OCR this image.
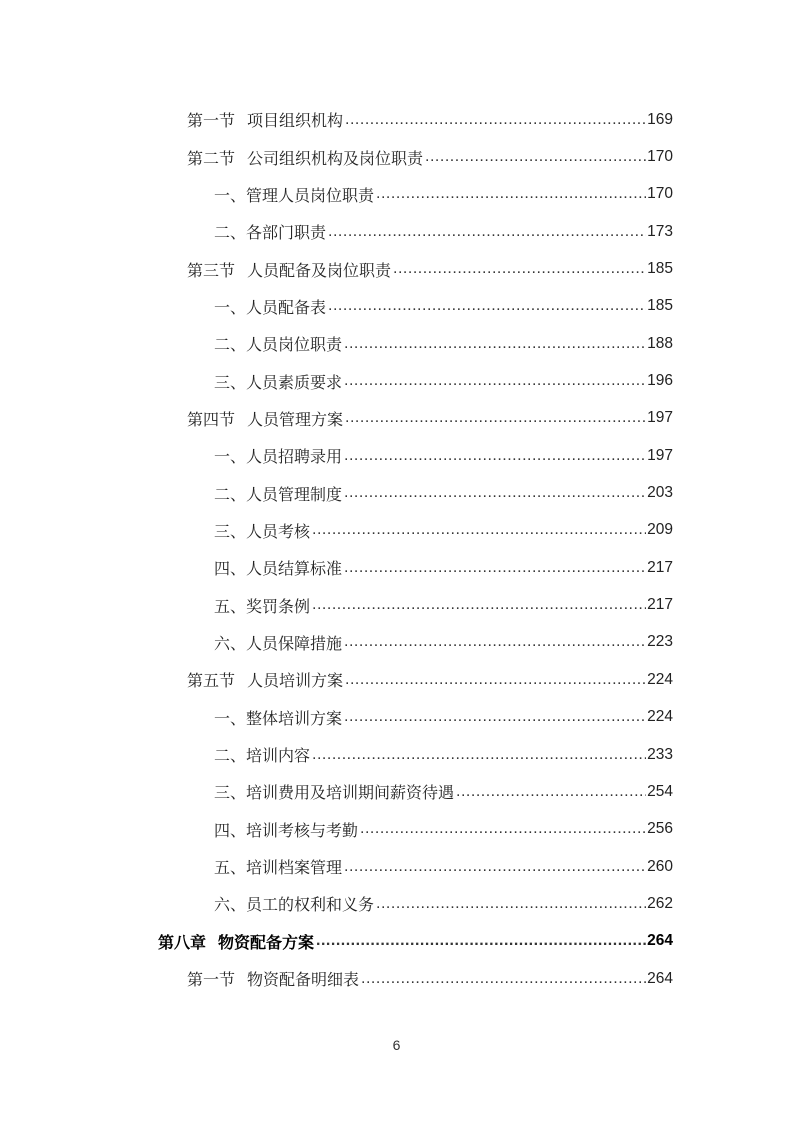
第一节 项目组织机构 .....	169
第二节 公司组织机构及岗位职责 .....	170
一、管理人员岗位职责 .....	170
二、各部门职责 .....	173
第三节 人员配备及岗位职责 .....	185
一、人员配备表 .....	185
二、人员岗位职责 .....	188
三、人员素质要求 .....	196
第四节 人员管理方案 .....	197
一、人员招聘录用 .....	197
二、人员管理制度 .....	203
三、人员考核 .....	209
四、人员结算标准 .....	217
五、奖罚条例 .....	217
六、人员保障措施 .....	223
第五节 人员培训方案 .....	224
一、整体培训方案 .....	224
二、培训内容 .....	233
三、培训费用及培训期间薪资待遇 .....	254
四、培训考核与考勤 .....	256
五、培训档案管理 .....	260
六、员工的权利和义务 .....	262
第八章 物资配备方案 .....	264
第一节 物资配备明细表 .....	264
6
